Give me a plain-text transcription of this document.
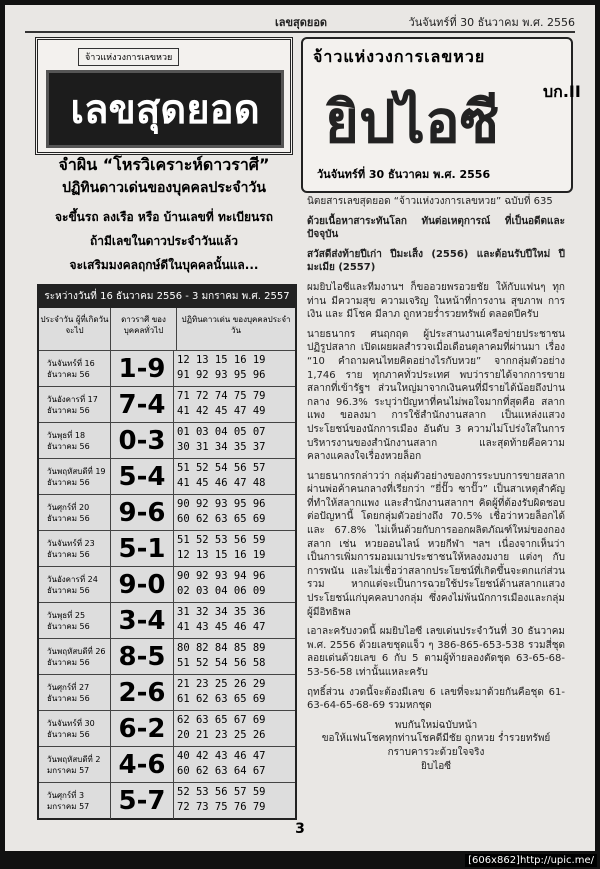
เลขสุดยอด	วันจันทร์ที่ 30 ธันวาคม พ.ศ. 2556
จ้าวแห่งวงการเลขหวย
เลขสุดยอด
จำผิน “โหรวิเคราะห์ดาวราศี”
ปฏิทินดาวเด่นของบุคคลประจำวัน
จะขึ้นรถ ลงเรือ หรือ บ้านเลขที่ ทะเบียนรถ
ถ้ามีเลขในดาวประจำวันแล้ว
จะเสริมมงคลฤกษ์ดีในบุคคลนั้นแล...
ระหว่างวันที่ 16 ธันวาคม 2556 - 3 มกราคม พ.ศ. 2557
ประจำวัน ผู้ที่เกิดวันจะไป
ดาวราศี ของบุคคลทั่วไป
ปฏิทินดาวเด่น ของบุคคลประจำวัน
วันจันทร์ที่ 16
ธันวาคม 56	1-9	12 13 15 16 19
91 92 93 95 96
วันอังคารที่ 17
ธันวาคม 56	7-4	71 72 74 75 79
41 42 45 47 49
วันพุธที่ 18
ธันวาคม 56	0-3	01 03 04 05 07
30 31 34 35 37
วันพฤหัสบดีที่ 19
ธันวาคม 56	5-4	51 52 54 56 57
41 45 46 47 48
วันศุกร์ที่ 20
ธันวาคม 56	9-6	90 92 93 95 96
60 62 63 65 69
วันจันทร์ที่ 23
ธันวาคม 56	5-1	51 52 53 56 59
12 13 15 16 19
วันอังคารที่ 24
ธันวาคม 56	9-0	90 92 93 94 96
02 03 04 06 09
วันพุธที่ 25
ธันวาคม 56	3-4	31 32 34 35 36
41 43 45 46 47
วันพฤหัสบดีที่ 26
ธันวาคม 56	8-5	80 82 84 85 89
51 52 54 56 58
วันศุกร์ที่ 27
ธันวาคม 56	2-6	21 23 25 26 29
61 62 63 65 69
วันจันทร์ที่ 30
ธันวาคม 56	6-2	62 63 65 67 69
20 21 23 25 26
วันพฤหัสบดีที่ 2
มกราคม 57	4-6	40 42 43 46 47
60 62 63 64 67
วันศุกร์ที่ 3
มกราคม 57	5-7	52 53 56 57 59
72 73 75 76 79
จ้าวแห่งวงการเลขหวย
ยิปไอซี	บก.II
วันจันทร์ที่ 30 ธันวาคม พ.ศ. 2556

นิตยสารเลขสุดยอด “จ้าวแห่งวงการเลขหวย” ฉบับที่ 635

ด้วยเนื้อหาสาระทันโลก ทันต่อเหตุการณ์ ที่เป็นอดีตและปัจจุบัน

สวัสดีส่งท้ายปีเก่า ปีมะเส็ง (2556) และต้อนรับปีใหม่ ปีมะเมีย (2557)

ผมยิบไอซีและทีมงานฯ ก็ขออวยพรอวยชัย ให้กับแฟนๆ ทุกท่าน มีความสุข ความเจริญ ในหน้าที่การงาน สุขภาพ การเงิน และ มีโชค มีลาภ ถูกหวยร่ำรวยทรัพย์ ตลอดปีครับ

นายธนากร ศนฤกฤต ผู้ประสานงานเครือข่ายประชาชนปฏิรูปสลาก เปิดเผยผลสำรวจเมื่อเดือนตุลาคมที่ผ่านมา เรื่อง “10 คำถามคนไทยคิดอย่างไรกับหวย” จากกลุ่มตัวอย่าง 1,746 ราย ทุกภาคทั่วประเทศ พบว่ารายได้จากการขายสลากที่เข้ารัฐฯ ส่วนใหญ่มาจากเงินคนที่มีรายได้น้อยถึงปานกลาง 96.3% ระบุว่าปัญหาที่คนไม่พอใจมากที่สุดคือ สลากแพง ขอลงมา การใช้สำนักงานสลาก เป็นแหล่งแสวงประโยชน์ของนักการเมือง อันดับ 3 ความไม่โปร่งใสในการบริหารงานของสำนักงานสลาก และสุดท้ายคือความคลางแคลงใจเรื่องหวยล็อก

นายธนากรกล่าวว่า กลุ่มตัวอย่างของการระบบการขายสลากผ่านพ่อค้าคนกลางที่เรียกว่า “ยี่ปั๊ว ซาปั๊ว” เป็นสาเหตุสำคัญที่ทำให้สลากแพง และสำนักงานสลากฯ คิดผู้ที่ต้องรับผิดชอบต่อปัญหานี้ โดยกลุ่มตัวอย่างถึง 70.5% เชื่อว่าหวยล็อกได้ และ 67.8% ไม่เห็นด้วยกับการออกผลิตภัณฑ์ใหม่ของกองสลาก เช่น หวยออนไลน์ หวยกีฬา ฯลฯ เนื่องจากเห็นว่าเป็นการเพิ่มการมอมเมาประชาชนให้หลงงมงาย แต่งๆ กับการพนัน และไม่เชื่อว่าสลากประโยชน์ที่เกิดขึ้นจะตกแก่ส่วนรวม หากแต่จะเป็นการฉวยใช้ประโยชน์ด้านสลากแสวงประโยชน์แก่บุคคลบางกลุ่ม ซึ่งคงไม่พ้นนักการเมืองและกลุ่มผู้มีอิทธิพล

เอาละครับงวดนี้ ผมยิบไอซี เลขเด่นประจำวันที่ 30 ธันวาคม พ.ศ. 2556 ด้วยเลขชุดแจ็ว ๆ 386-865-653-538 รวมสี่ชุด ลอยเด่นด้วยเลข 6 กับ 5 ตามผู้ท้ายลองตัดชุด 63-65-68-53-56-58 เท่านั้นแหละครับ

ฤทธิ์ส่วน งวดนี้จะต้องมีเลข 6 เลขที่จะมาด้วยกันคือชุด 61-63-64-65-68-69 รวมหกชุด

พบกันใหม่ฉบับหน้า

ขอให้แฟนโชคทุกท่านโชคดีมีชัย ถูกหวย ร่ำรวยทรัพย์

กราบคารวะด้วยใจจริง

ยิบไอซี

3
[606x862]http://upic.me/
